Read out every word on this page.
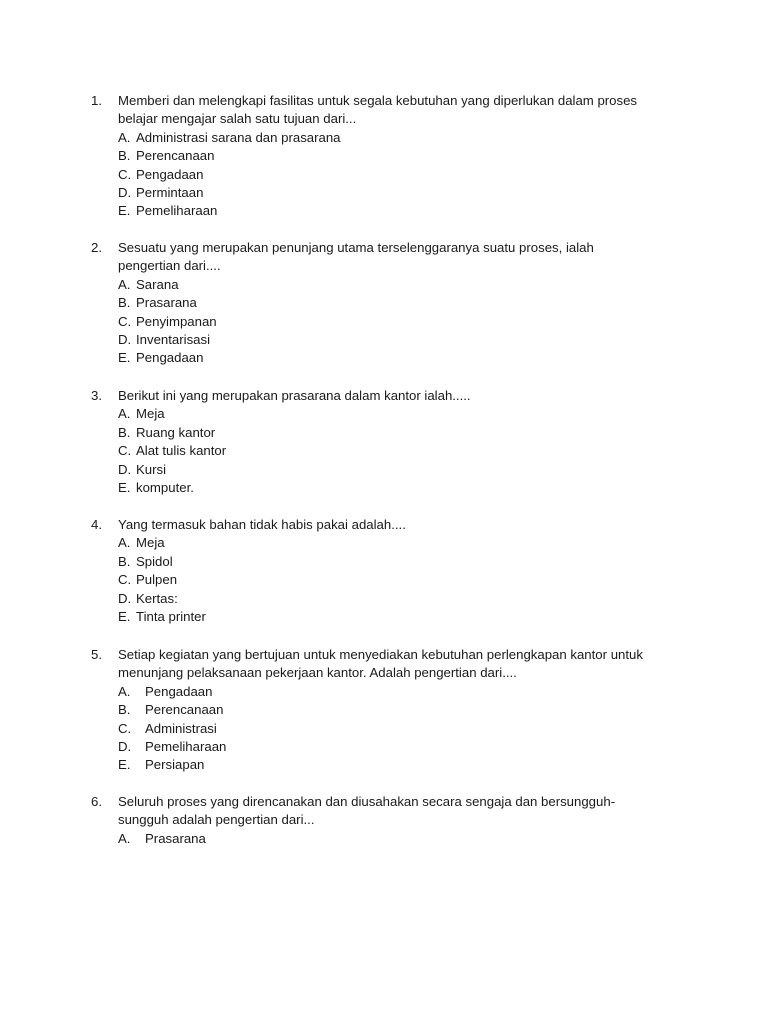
1. Memberi dan melengkapi fasilitas untuk segala kebutuhan yang diperlukan dalam proses
belajar mengajar salah satu tujuan dari...
A. Administrasi sarana dan prasarana
B. Perencanaan
C. Pengadaan
D. Permintaan
E. Pemeliharaan
2. Sesuatu yang merupakan penunjang utama terselenggaranya suatu proses, ialah
pengertian dari....
A. Sarana
B. Prasarana
C. Penyimpanan
D. Inventarisasi
E. Pengadaan
3. Berikut ini yang merupakan prasarana dalam kantor ialah.....
A. Meja
B. Ruang kantor
C. Alat tulis kantor
D. Kursi
E. komputer.
4. Yang termasuk bahan tidak habis pakai adalah....
A. Meja
B. Spidol
C. Pulpen
D. Kertas:
E. Tinta printer
5. Setiap kegiatan yang bertujuan untuk menyediakan kebutuhan perlengkapan kantor untuk
menunjang pelaksanaan pekerjaan kantor. Adalah pengertian dari....
A. Pengadaan
B. Perencanaan
C. Administrasi
D. Pemeliharaan
E. Persiapan
6. Seluruh proses yang direncanakan dan diusahakan secara sengaja dan bersungguh-
sungguh adalah pengertian dari...
A. Prasarana
